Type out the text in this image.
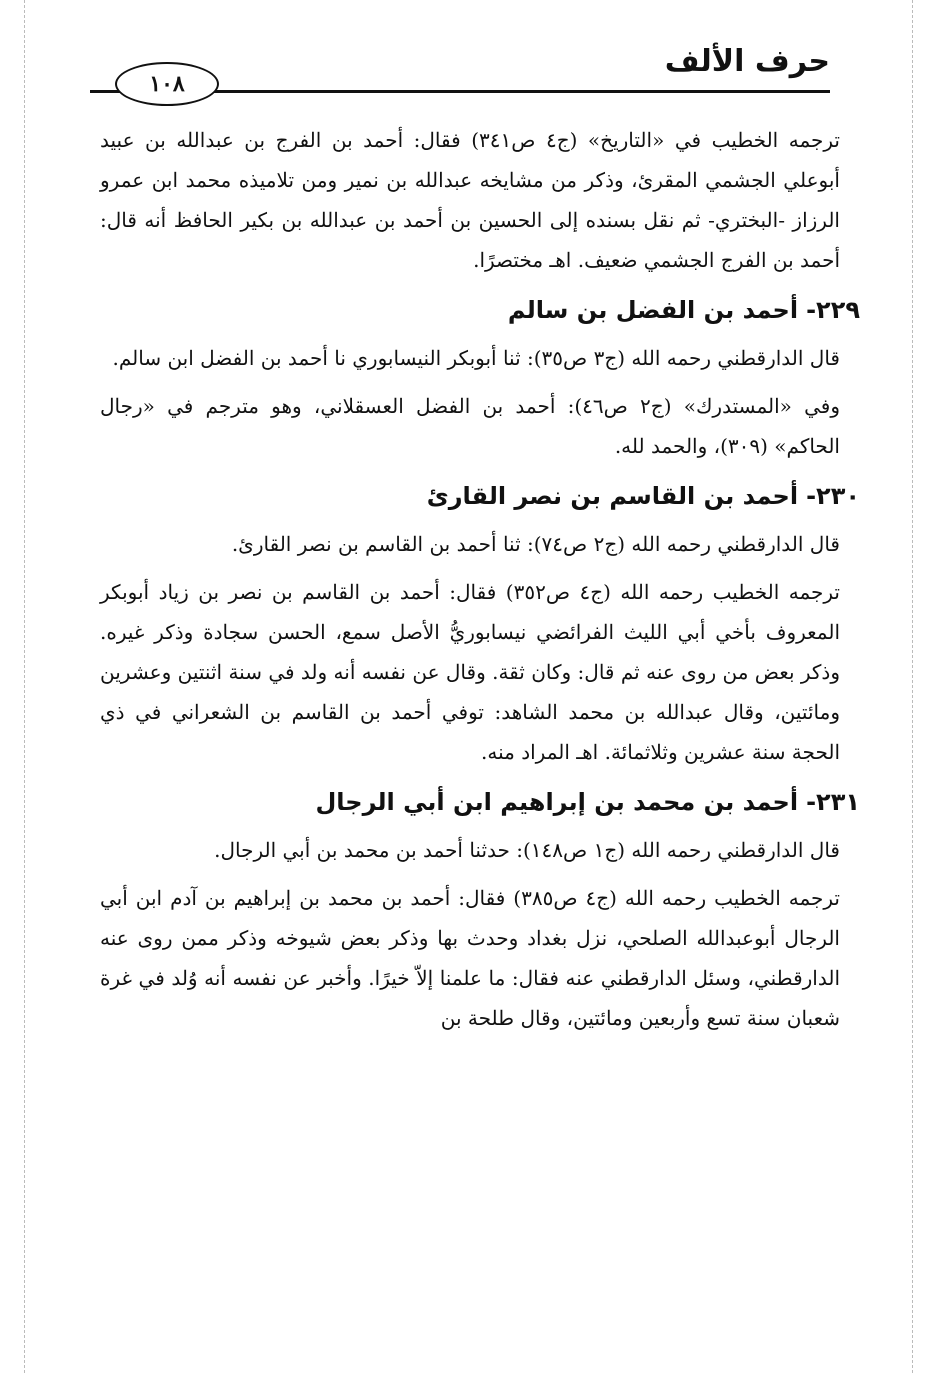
حرف الألف
١٠٨

ترجمه الخطيب في «التاريخ» (ج٤ ص٣٤١) فقال: أحمد بن الفرج بن عبدالله بن عبيد أبوعلي الجشمي المقرئ، وذكر من مشايخه عبدالله بن نمير ومن تلاميذه محمد ابن عمرو الرزاز -البختري- ثم نقل بسنده إلى الحسين بن أحمد بن عبدالله بن بكير الحافظ أنه قال: أحمد بن الفرج الجشمي ضعيف. اهـ مختصرًا.

٢٢٩-أحمد بن الفضل بن سالم

قال الدارقطني رحمه الله (ج٣ ص٣٥): ثنا أبوبكر النيسابوري نا أحمد بن الفضل ابن سالم.

وفي «المستدرك» (ج٢ ص٤٦): أحمد بن الفضل العسقلاني، وهو مترجم في «رجال الحاكم» (٣٠٩)، والحمد لله.

٢٣٠-أحمد بن القاسم بن نصر القارئ

قال الدارقطني رحمه الله (ج٢ ص٧٤): ثنا أحمد بن القاسم بن نصر القارئ.

ترجمه الخطيب رحمه الله (ج٤ ص٣٥٢) فقال: أحمد بن القاسم بن نصر بن زياد أبوبكر المعروف بأخي أبي الليث الفرائضي نيسابوريُّ الأصل سمع، الحسن سجادة وذكر غيره. وذكر بعض من روى عنه ثم قال: وكان ثقة. وقال عن نفسه أنه ولد في سنة اثنتين وعشرين ومائتين، وقال عبدالله بن محمد الشاهد: توفي أحمد بن القاسم بن الشعراني في ذي الحجة سنة عشرين وثلاثمائة. اهـ المراد منه.

٢٣١-أحمد بن محمد بن إبراهيم ابن أبي الرجال

قال الدارقطني رحمه الله (ج١ ص١٤٨): حدثنا أحمد بن محمد بن أبي الرجال.

ترجمه الخطيب رحمه الله (ج٤ ص٣٨٥) فقال: أحمد بن محمد بن إبراهيم بن آدم ابن أبي الرجال أبوعبدالله الصلحي، نزل بغداد وحدث بها وذكر بعض شيوخه وذكر ممن روى عنه الدارقطني، وسئل الدارقطني عنه فقال: ما علمنا إلاّ خيرًا. وأخبر عن نفسه أنه وُلد في غرة شعبان سنة تسع وأربعين ومائتين، وقال طلحة بن
